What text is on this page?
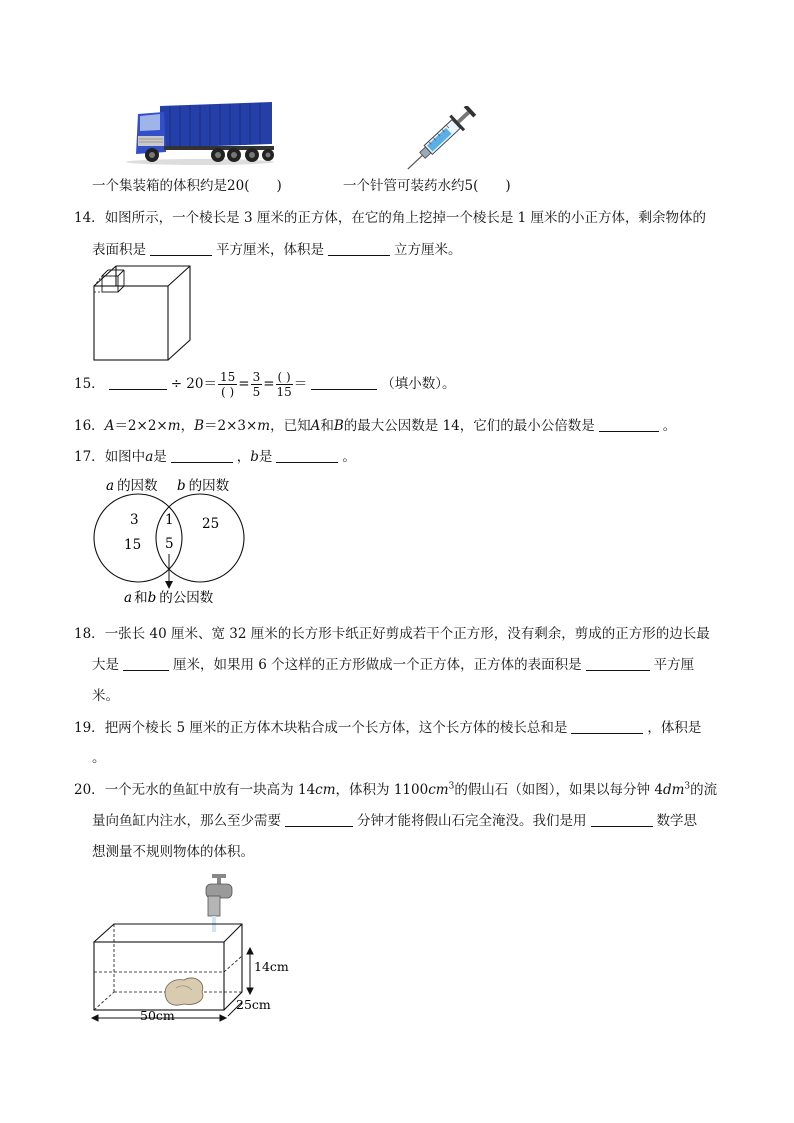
一个集装箱的体积约是20(　　)	一个针管可装药水约5(　　)
14．如图所示，一个棱长是 3 厘米的正方体，在它的角上挖掉一个棱长是 1 厘米的小正方体，剩余物体的
表面积是	平方厘米，体积是	立方厘米。
15．	÷ $20= \frac{15}{( )} = \frac{3}{5} = \frac{( )}{15}$ ＝	（填小数）。
16．A＝2×2×m，B＝2×3×m，已知A和B的最大公因数是 14，它们的最小公倍数是	。
17．如图中a是	，b是	。
a 的因数 b 的因数
3
15
1
5
25
a 和b 的公因数
18．一张长 40 厘米、宽 32 厘米的长方形卡纸正好剪成若干个正方形，没有剩余，剪成的正方形的边长最
大是	厘米，如果用 6 个这样的正方形做成一个正方体，正方体的表面积是	平方厘
米。
19．把两个棱长 5 厘米的正方体木块粘合成一个长方体，这个长方体的棱长总和是	，体积是
。
20．一个无水的鱼缸中放有一块高为 14cm，体积为 $1100cm^3$的假山石（如图），如果以每分钟 $4dm^3$的流
量向鱼缸内注水，那么至少需要	分钟才能将假山石完全淹没。我们是用	数学思
想测量不规则物体的体积。
14cm
50cm
25cm
